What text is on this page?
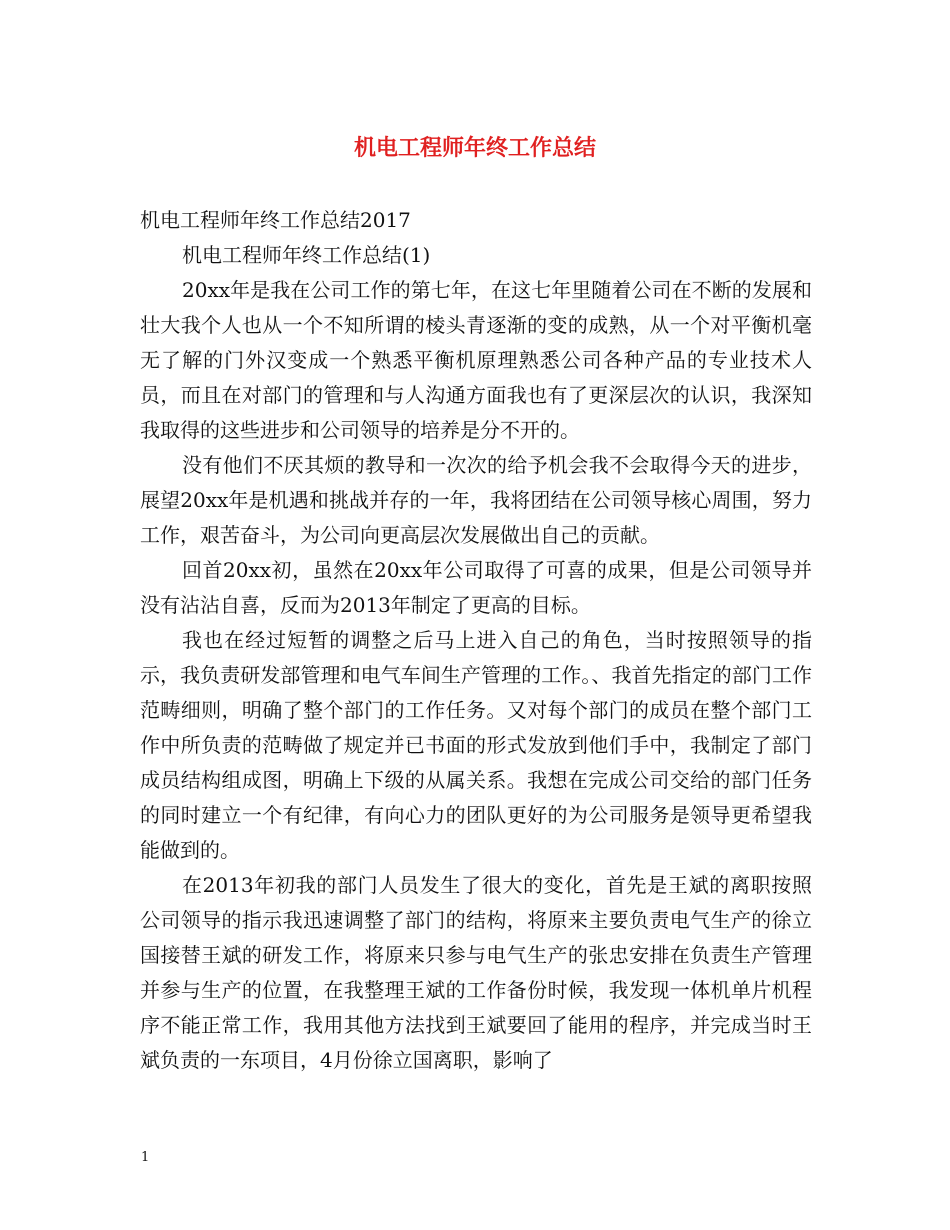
机电工程师年终工作总结

机电工程师年终工作总结2017

机电工程师年终工作总结(1)

20xx年是我在公司工作的第七年，在这七年里随着公司在不断的发展和壮大我个人也从一个不知所谓的棱头青逐渐的变的成熟，从一个对平衡机毫无了解的门外汉变成一个熟悉平衡机原理熟悉公司各种产品的专业技术人员，而且在对部门的管理和与人沟通方面我也有了更深层次的认识，我深知我取得的这些进步和公司领导的培养是分不开的。

没有他们不厌其烦的教导和一次次的给予机会我不会取得今天的进步，展望20xx年是机遇和挑战并存的一年，我将团结在公司领导核心周围，努力工作，艰苦奋斗，为公司向更高层次发展做出自己的贡献。

回首20xx初，虽然在20xx年公司取得了可喜的成果，但是公司领导并没有沾沾自喜，反而为2013年制定了更高的目标。

我也在经过短暂的调整之后马上进入自己的角色，当时按照领导的指示，我负责研发部管理和电气车间生产管理的工作。、我首先指定的部门工作范畴细则，明确了整个部门的工作任务。又对每个部门的成员在整个部门工作中所负责的范畴做了规定并已书面的形式发放到他们手中，我制定了部门成员结构组成图，明确上下级的从属关系。我想在完成公司交给的部门任务的同时建立一个有纪律，有向心力的团队更好的为公司服务是领导更希望我能做到的。

在2013年初我的部门人员发生了很大的变化，首先是王斌的离职按照公司领导的指示我迅速调整了部门的结构，将原来主要负责电气生产的徐立国接替王斌的研发工作，将原来只参与电气生产的张忠安排在负责生产管理并参与生产的位置，在我整理王斌的工作备份时候，我发现一体机单片机程序不能正常工作，我用其他方法找到王斌要回了能用的程序，并完成当时王斌负责的一东项目，4月份徐立国离职，影响了

1
